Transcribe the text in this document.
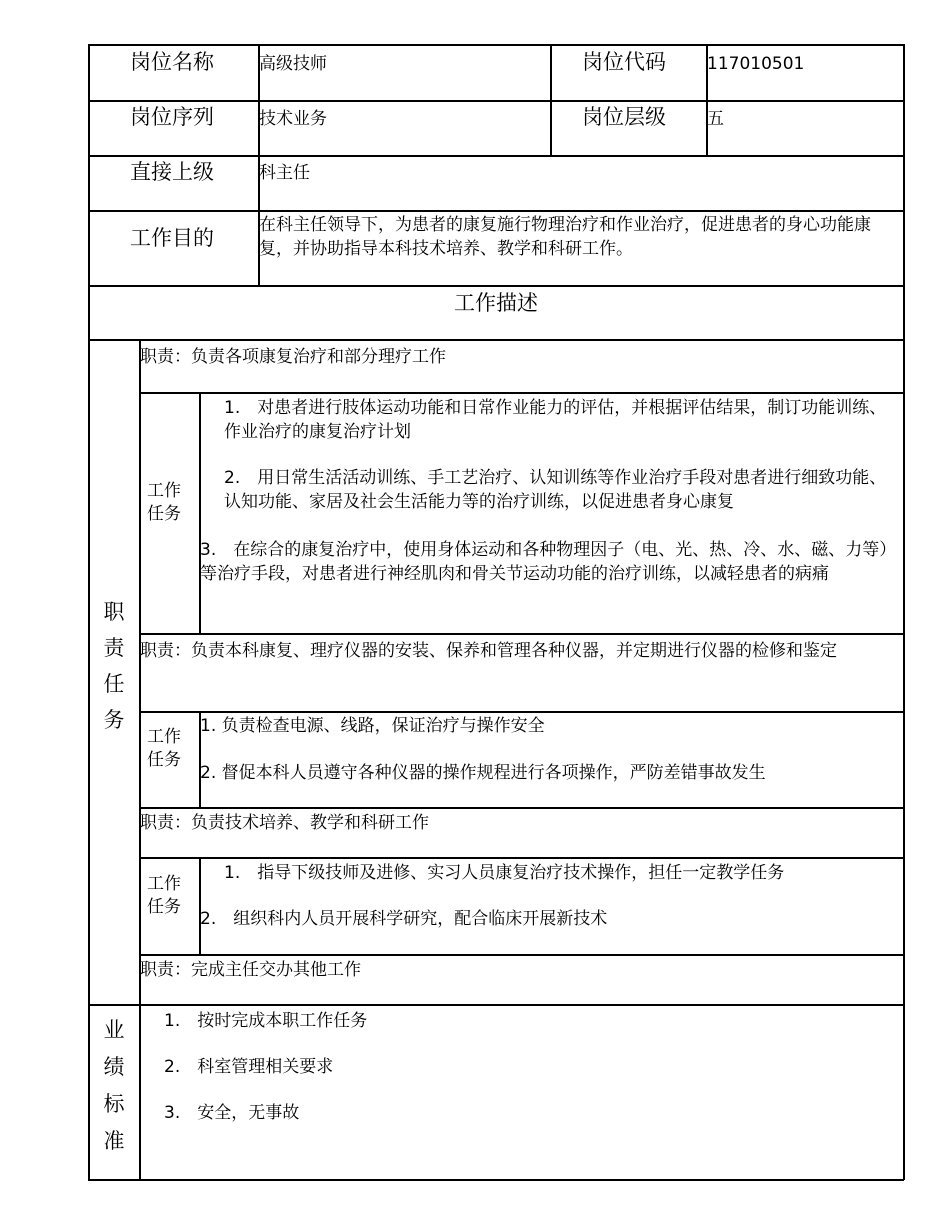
岗位名称	高级技师	岗位代码 117010501
岗位序列	技术业务	岗位层级 五
直接上级	科主任
工作目的
在科主任领导下，为患者的康复施行物理治疗和作业治疗，促进患者的身心功能康复，并协助指导本科技术培养、教学和科研工作。
工作描述
职
责
任
务
职责：负责各项康复治疗和部分理疗工作
工作
任务
1.　对患者进行肢体运动功能和日常作业能力的评估，并根据评估结果，制订功能训练、作业治疗的康复治疗计划
2.　用日常生活活动训练、手工艺治疗、认知训练等作业治疗手段对患者进行细致功能、认知功能、家居及社会生活能力等的治疗训练，以促进患者身心康复
3.　在综合的康复治疗中，使用身体运动和各种物理因子（电、光、热、冷、水、磁、力等）等治疗手段，对患者进行神经肌肉和骨关节运动功能的治疗训练，以减轻患者的病痛
职责：负责本科康复、理疗仪器的安装、保养和管理各种仪器，并定期进行仪器的检修和鉴定
工作
任务
1. 负责检查电源、线路，保证治疗与操作安全
2. 督促本科人员遵守各种仪器的操作规程进行各项操作，严防差错事故发生
职责：负责技术培养、教学和科研工作
工作
任务
1.　指导下级技师及进修、实习人员康复治疗技术操作，担任一定教学任务
2.　组织科内人员开展科学研究，配合临床开展新技术
职责：完成主任交办其他工作
业
绩
标
准
1.　按时完成本职工作任务
2.　科室管理相关要求
3.　安全，无事故
